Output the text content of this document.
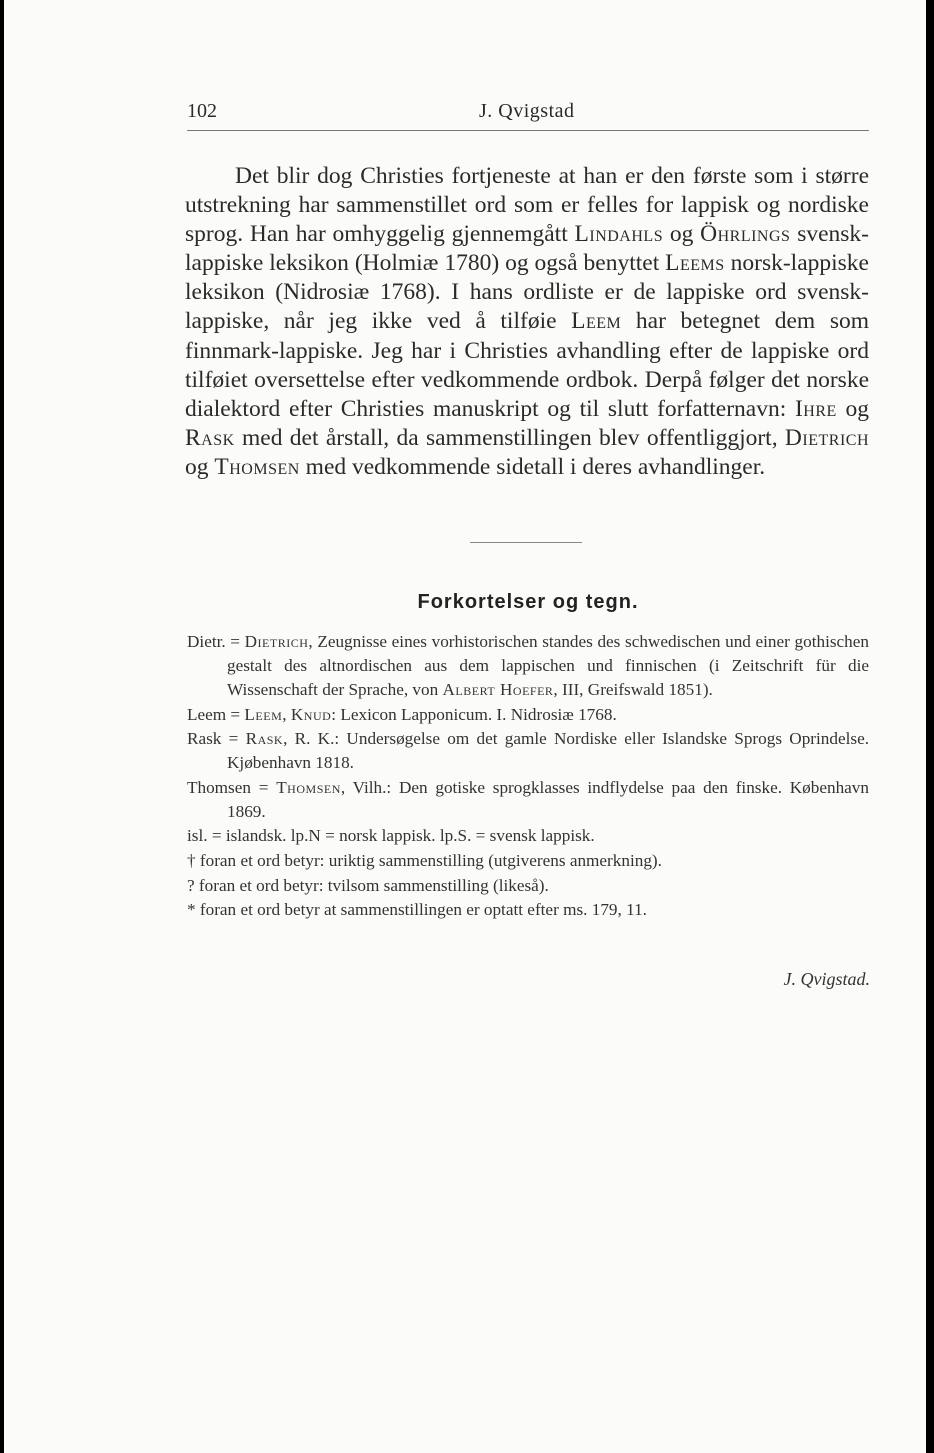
102	J. Qvigstad

Det blir dog Christies fortjeneste at han er den første som i større utstrekning har sammenstillet ord som er felles for lappisk og nordiske sprog. Han har omhyggelig gjennemgått Lindahls og Öhrlings svensk-lappiske leksikon (Holmiæ 1780) og også benyttet Leems norsk-lappiske leksikon (Nidrosiæ 1768). I hans ordliste er de lappiske ord svensk-lappiske, når jeg ikke ved å tilføie Leem har betegnet dem som finnmark-lappiske. Jeg har i Christies avhandling efter de lappiske ord tilføiet oversettelse efter vedkommende ordbok. Derpå følger det norske dialektord efter Christies manuskript og til slutt forfatternavn: Ihre og Rask med det årstall, da sammenstillingen blev offentliggjort, Dietrich og Thomsen med vedkommende sidetall i deres avhandlinger.

Forkortelser og tegn.
Dietr. = Dietrich, Zeugnisse eines vorhistorischen standes des schwedischen und einer gothischen gestalt des altnordischen aus dem lappischen und finnischen (i Zeitschrift für die Wissenschaft der Sprache, von Albert Hoefer, III, Greifswald 1851).
Leem = Leem, Knud: Lexicon Lapponicum. I. Nidrosiæ 1768.
Rask = Rask, R. K.: Undersøgelse om det gamle Nordiske eller Islandske Sprogs Oprindelse. Kjøbenhavn 1818.
Thomsen = Thomsen, Vilh.: Den gotiske sprogklasses indflydelse paa den finske. København 1869.
isl. = islandsk. lp.N = norsk lappisk. lp.S. = svensk lappisk.
† foran et ord betyr: uriktig sammenstilling (utgiverens anmerkning).
? foran et ord betyr: tvilsom sammenstilling (likeså).
* foran et ord betyr at sammenstillingen er optatt efter ms. 179, 11.
J. Qvigstad.
